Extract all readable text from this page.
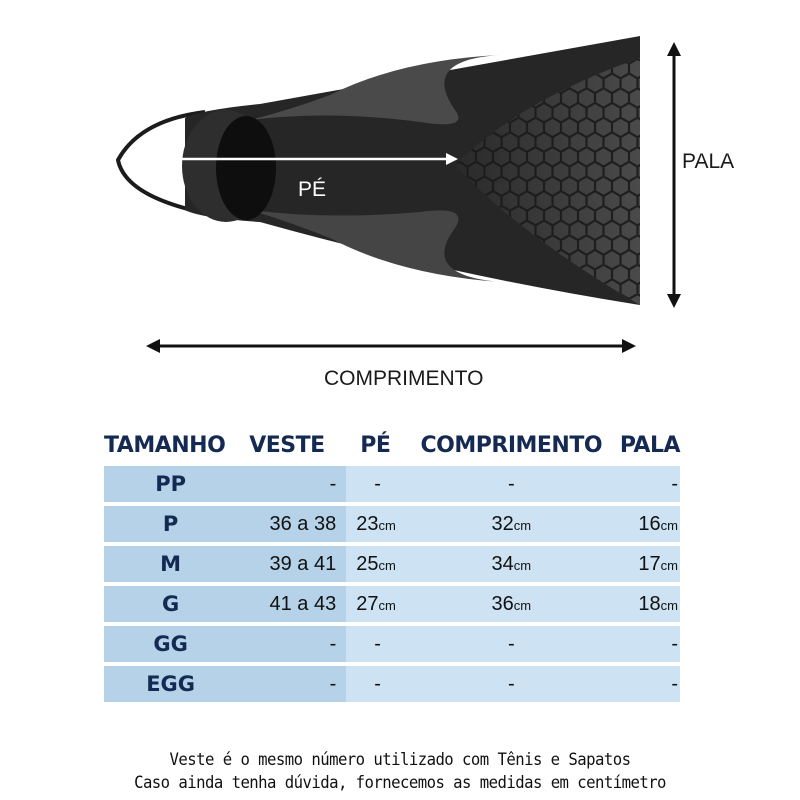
PÉ
PALA
COMPRIMENTO
TAMANHO	VESTE	PÉ	COMPRIMENTO	PALA
PP	-	-	-	-
P	36 a 38	23cm	32cm	16cm
M	39 a 41	25cm	34cm	17cm
G	41 a 43	27cm	36cm	18cm
GG	-	-	-	-
EGG	-	-	-	-
Veste é o mesmo número utilizado com Tênis e Sapatos
Caso ainda tenha dúvida, fornecemos as medidas em centímetro
